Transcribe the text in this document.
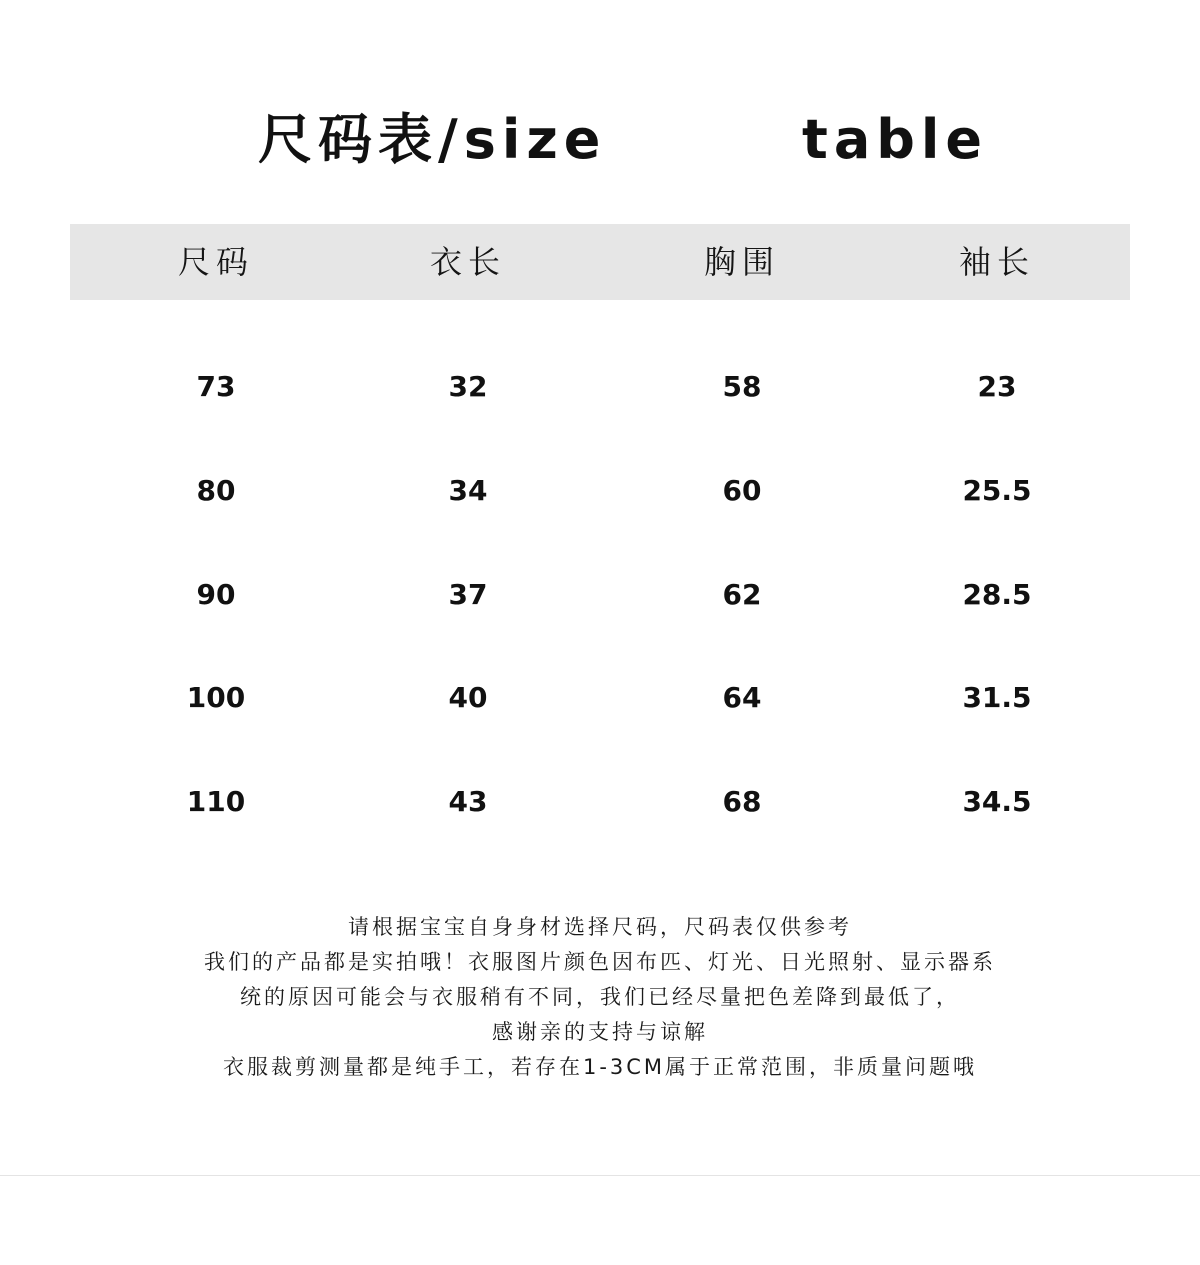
尺码表/size	table
尺码	衣长	胸围	袖长
73	32	58	23
80	34	60	25.5
90	37	62	28.5
100	40	64	31.5
110	43	68	34.5
请根据宝宝自身身材选择尺码，尺码表仅供参考
我们的产品都是实拍哦！衣服图片颜色因布匹、灯光、日光照射、显示器系
统的原因可能会与衣服稍有不同，我们已经尽量把色差降到最低了，
感谢亲的支持与谅解
衣服裁剪测量都是纯手工，若存在1-3CM属于正常范围，非质量问题哦
